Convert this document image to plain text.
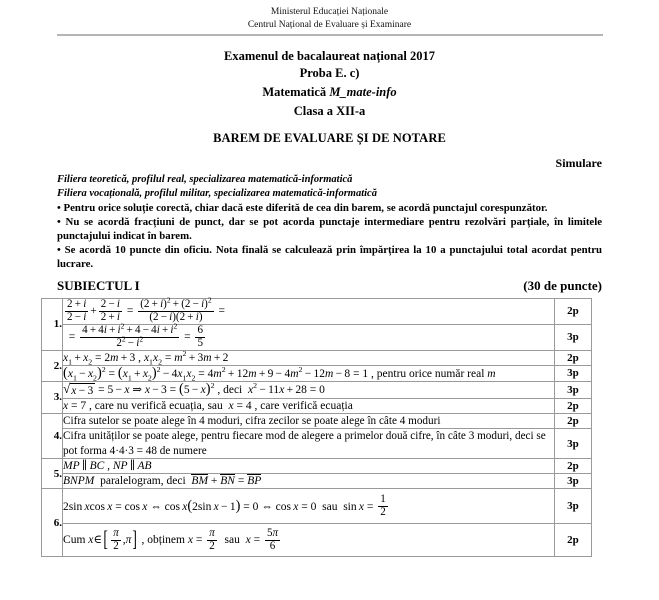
Ministerul Educației Naționale
Centrul Național de Evaluare și Examinare
Examenul de bacalaureat național 2017
Proba E. c)
Matematică M_mate-info
Clasa a XII-a
BAREM DE EVALUARE ȘI DE NOTARE
Simulare
Filiera teoretică, profilul real, specializarea matematică-informatică
Filiera vocațională, profilul militar, specializarea matematică-informatică
• Pentru orice soluție corectă, chiar dacă este diferită de cea din barem, se acordă punctajul corespunzător.
• Nu se acordă fracțiuni de punct, dar se pot acorda punctaje intermediare pentru rezolvări parțiale, în limitele punctajului indicat în barem.
• Se acordă 10 puncte din oficiu. Nota finală se calculează prin împărțirea la 10 a punctajului total acordat pentru lucrare.
SUBIECTUL I	(30 de puncte)
1.	
$\frac{2 + i}{2 - i} + \frac{2 - i}{2 + i} = \frac{(2 + i)^2 + (2 - i)^2}{(2 - i)(2 + i)}$ =	2p

= $\frac{4 + 4i + i^2 + 4 - 4i + i^2}{2^2 - i^2} = \frac{6}{5}$	3p
2.	$x_1 + x_2 = 2m + 3$ , $x_1x_2 = m^2 + 3m + 2$	2p

	$(x_1 - x_2)^2 = (x_1 + x_2)^2 - 4x_1x_2 = 4m^2 + 12m + 9 - 4m^2 - 12m - 8 = 1$ , pentru orice număr real m	3p
3.	√ x − 3 = 5 − x ⇒ $x - 3 = (5 - x)^2$ , deci  $x^2 - 11x + 28 = 0$	3p

	x = 7 , care nu verifică ecuația, sau  x = 4 , care verifică ecuația	2p
4.	Cifra sutelor se poate alege în 4 moduri, cifra zecilor se poate alege în câte 4 moduri	2p
	Cifra unităților se poate alege, pentru fiecare mod de alegere a primelor două cifre, în câte 3 moduri, deci se pot forma 4·4·3 = 48 de numere	3p
5.	MP ∥ BC , NP ∥ AB	2p

BNPM  paralelogram, deci BM + BN = BP	3p
6.	2sin xcos x = cos x ⇔ cos x(2sin x − 1) = 0 ⇔ cos x = 0  sau  $\sin x = \frac{1}{2}$	3p

Cum x∈ [ $\frac{\pi}{2} ,\pi$ ] , obținem $x = \frac{\pi}{2}$ sau  $x = \frac{5\pi}{6}$	2p
